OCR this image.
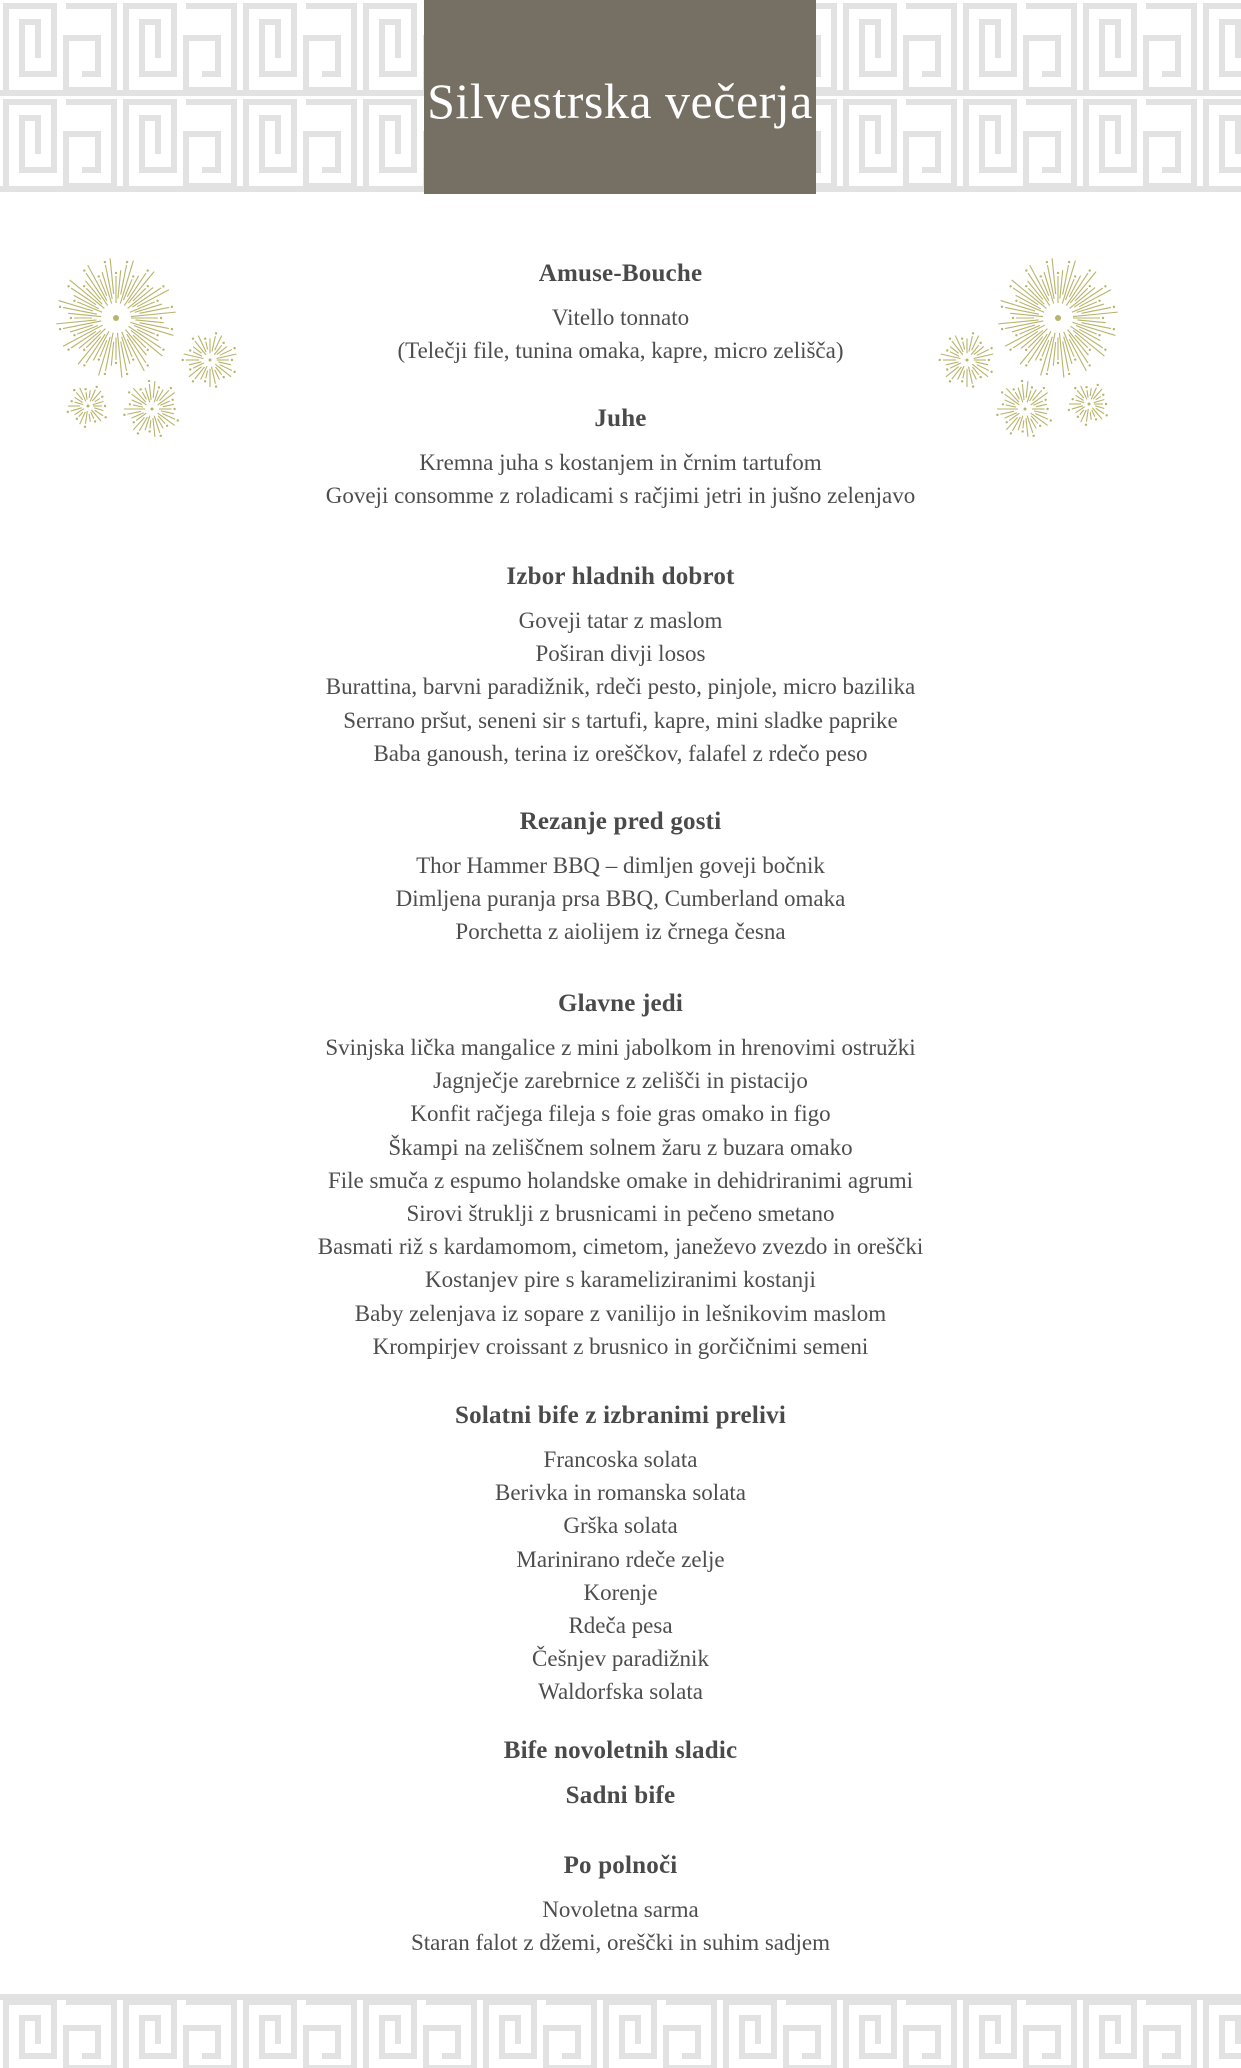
Silvestrska večerja
Amuse-Bouche
Vitello tonnato
(Telečji file, tunina omaka, kapre, micro zelišča)
Juhe
Kremna juha s kostanjem in črnim tartufom
Goveji consomme z roladicami s račjimi jetri in jušno zelenjavo
Izbor hladnih dobrot
Goveji tatar z maslom
Poširan divji losos
Burattina, barvni paradižnik, rdeči pesto, pinjole, micro bazilika
Serrano pršut, seneni sir s tartufi, kapre, mini sladke paprike
Baba ganoush, terina iz oreščkov, falafel z rdečo peso
Rezanje pred gosti
Thor Hammer BBQ – dimljen goveji bočnik
Dimljena puranja prsa BBQ, Cumberland omaka
Porchetta z aiolijem iz črnega česna
Glavne jedi
Svinjska lička mangalice z mini jabolkom in hrenovimi ostružki
Jagnječje zarebrnice z zelišči in pistacijo
Konfit račjega fileja s foie gras omako in figo
Škampi na zeliščnem solnem žaru z buzara omako
File smuča z espumo holandske omake in dehidriranimi agrumi
Sirovi štruklji z brusnicami in pečeno smetano
Basmati riž s kardamomom, cimetom, janeževo zvezdo in oreščki
Kostanjev pire s karameliziranimi kostanji
Baby zelenjava iz sopare z vanilijo in lešnikovim maslom
Krompirjev croissant z brusnico in gorčičnimi semeni
Solatni bife z izbranimi prelivi
Francoska solata
Berivka in romanska solata
Grška solata
Marinirano rdeče zelje
Korenje
Rdeča pesa
Češnjev paradižnik
Waldorfska solata
Bife novoletnih sladic
Sadni bife
Po polnoči
Novoletna sarma
Staran falot z džemi, oreščki in suhim sadjem
